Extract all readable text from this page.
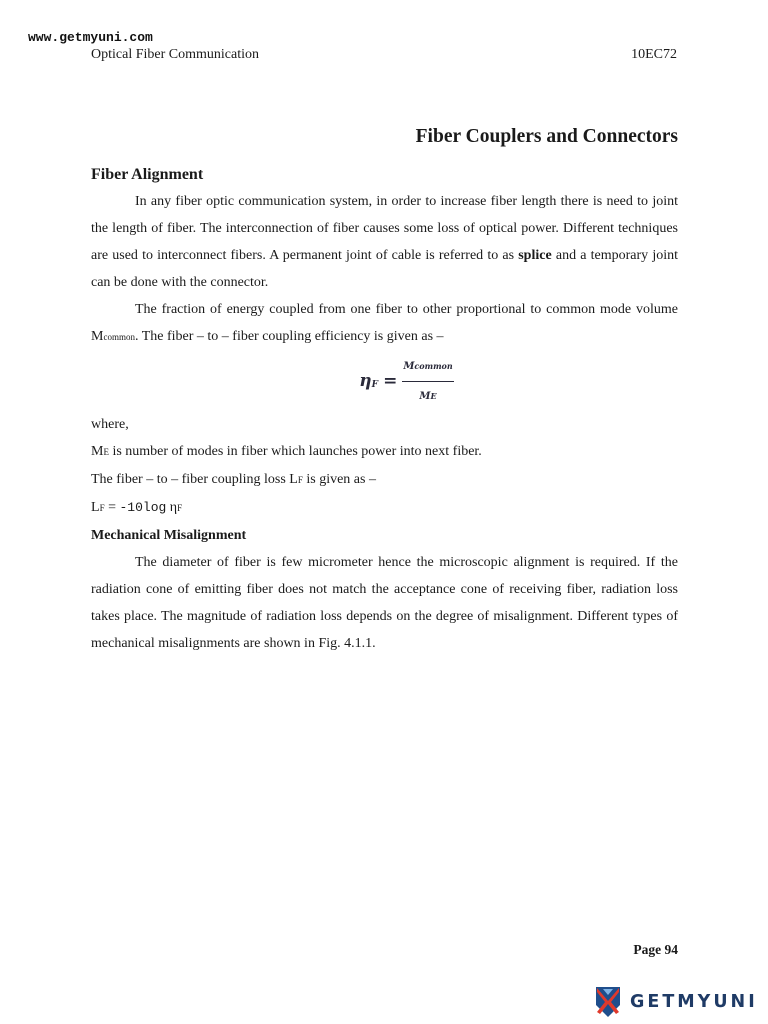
www.getmyuni.com
Optical Fiber Communication	10EC72
Fiber Couplers and Connectors
Fiber Alignment

In any fiber optic communication system, in order to increase fiber length there is need to joint the length of fiber. The interconnection of fiber causes some loss of optical power. Different techniques are used to interconnect fibers. A permanent joint of cable is referred to as splice and a temporary joint can be done with the connector.

The fraction of energy coupled from one fiber to other proportional to common mode volume Mcommon. The fiber – to – fiber coupling efficiency is given as –

η $F = \frac{\text{Mcommon}}{ME}$

where,

ME is number of modes in fiber which launches power into next fiber.

The fiber – to – fiber coupling loss LF is given as –

LF = -10log ηF

Mechanical Misalignment

The diameter of fiber is few micrometer hence the microscopic alignment is required. If the radiation cone of emitting fiber does not match the acceptance cone of receiving fiber, radiation loss takes place. The magnitude of radiation loss depends on the degree of misalignment. Different types of mechanical misalignments are shown in Fig. 4.1.1.

Page 94
GETMYUNI
